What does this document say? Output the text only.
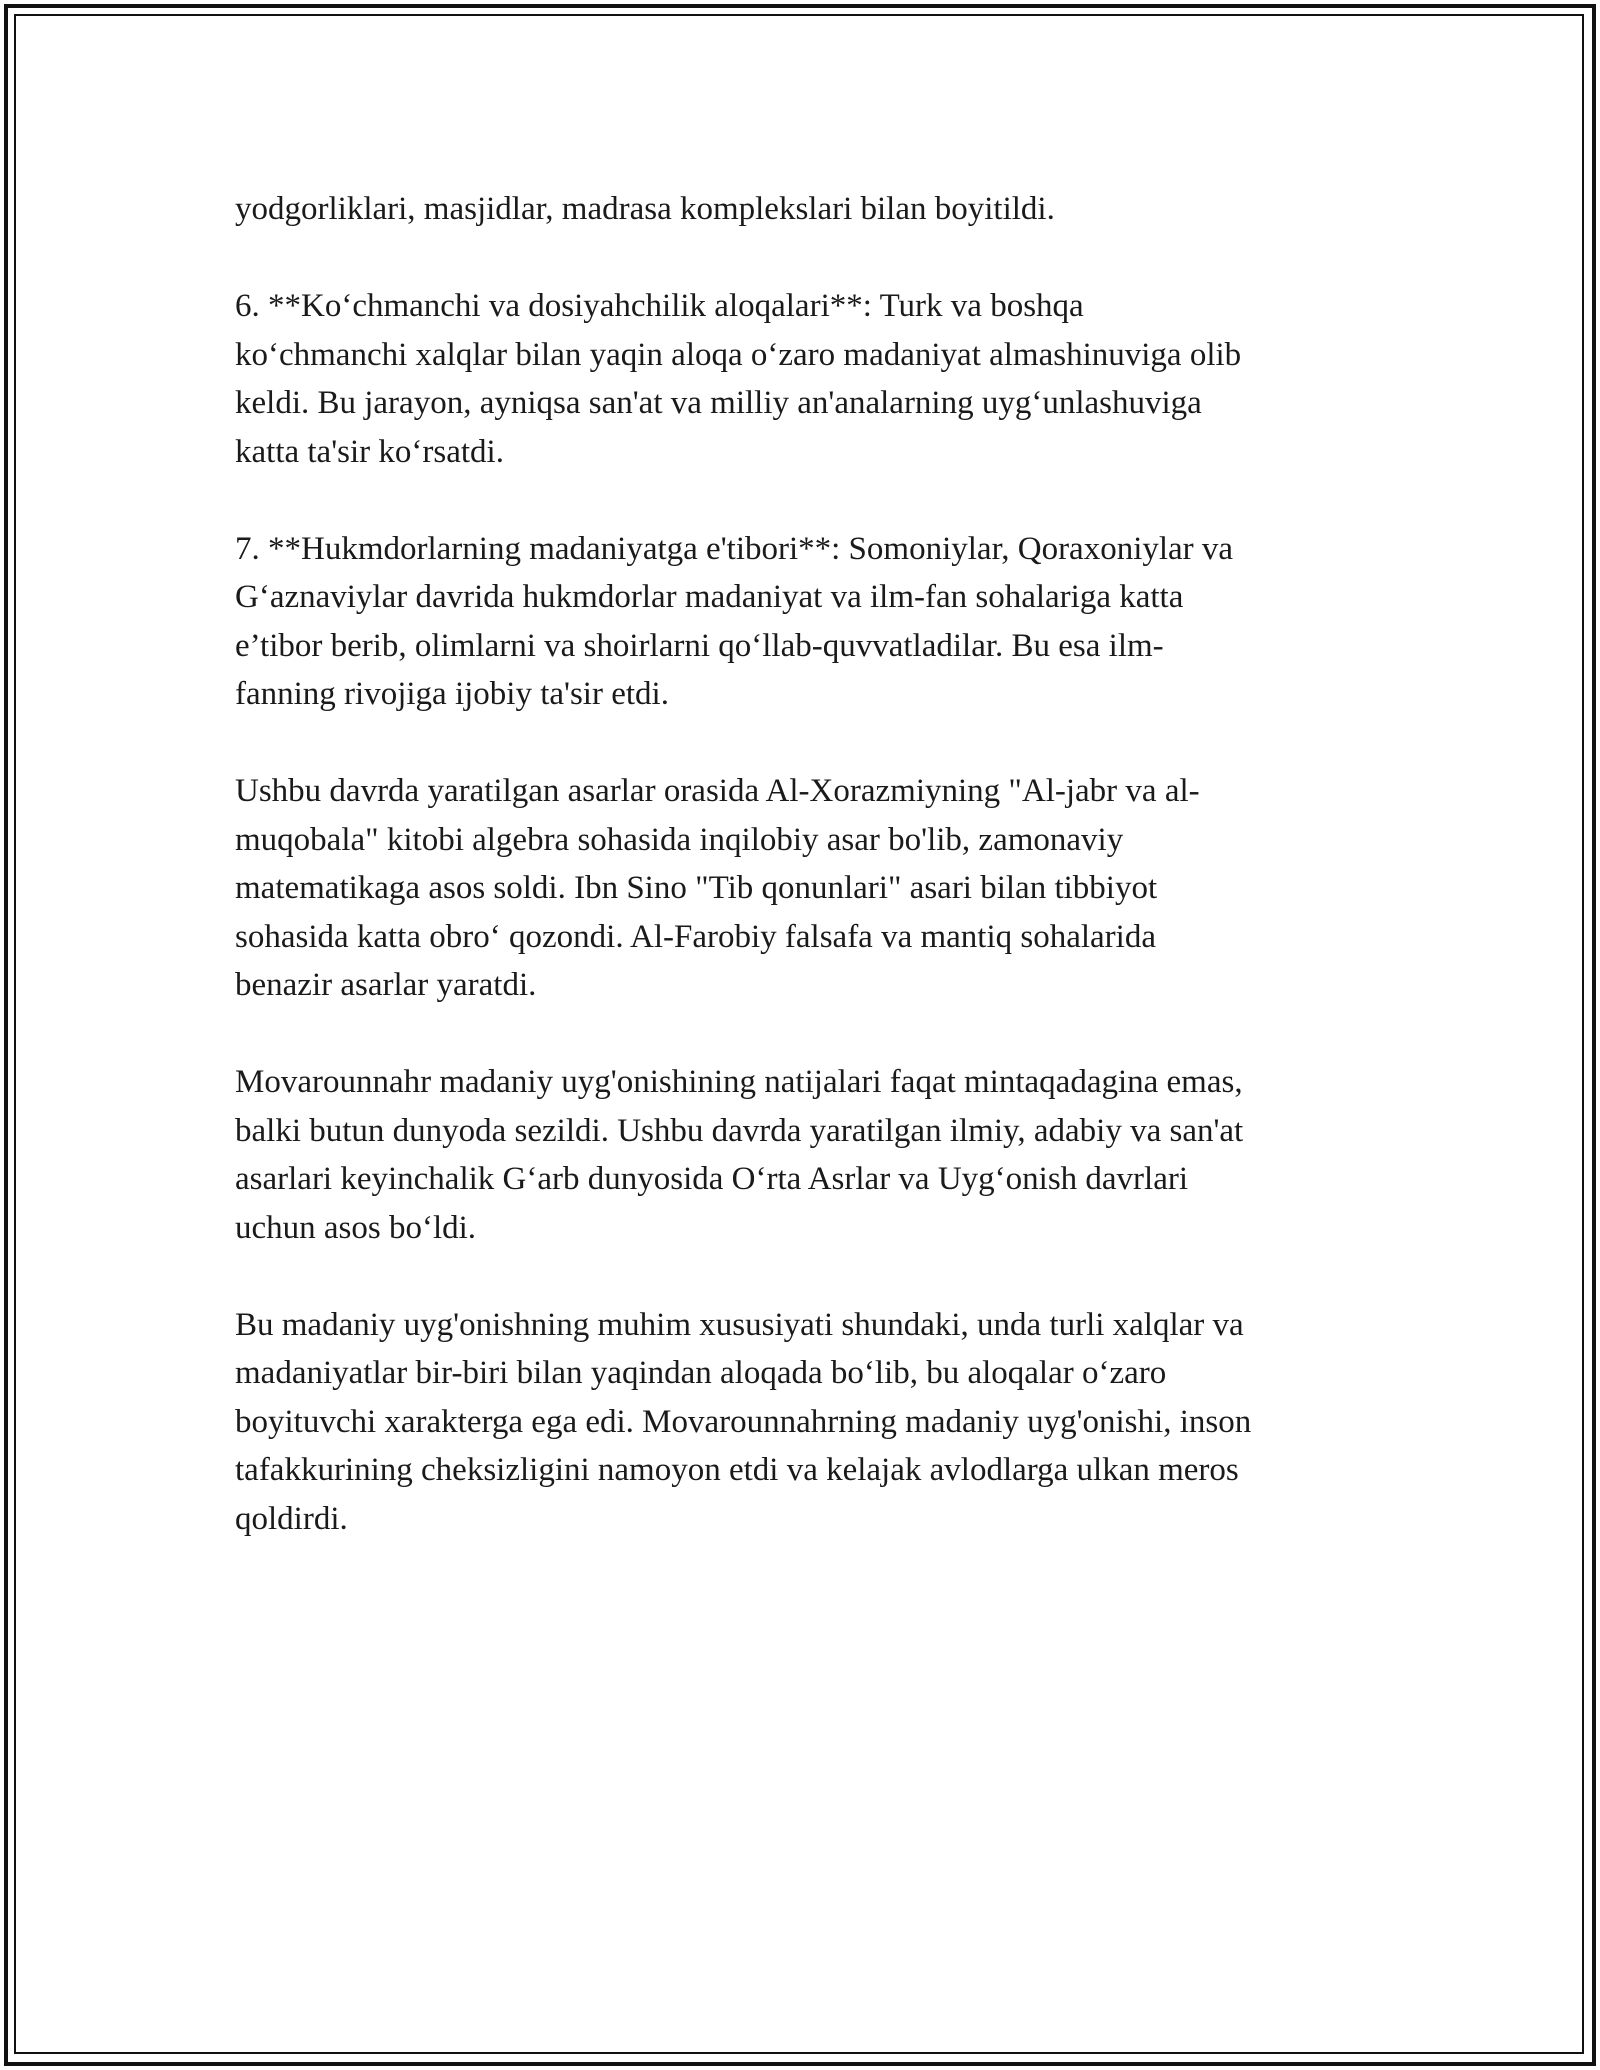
yodgorliklari, masjidlar, madrasa komplekslari bilan boyitildi.

6. **Ko‘chmanchi va dosiyahchilik aloqalari**: Turk va boshqa
ko‘chmanchi xalqlar bilan yaqin aloqa o‘zaro madaniyat almashinuviga olib
keldi. Bu jarayon, ayniqsa san'at va milliy an'analarning uyg‘unlashuviga
katta ta'sir ko‘rsatdi.

7. **Hukmdorlarning madaniyatga e'tibori**: Somoniylar, Qoraxoniylar va
G‘aznaviylar davrida hukmdorlar madaniyat va ilm-fan sohalariga katta
e’tibor berib, olimlarni va shoirlarni qo‘llab-quvvatladilar. Bu esa ilm-
fanning rivojiga ijobiy ta'sir etdi.

Ushbu davrda yaratilgan asarlar orasida Al-Xorazmiyning "Al-jabr va al-
muqobala" kitobi algebra sohasida inqilobiy asar bo'lib, zamonaviy
matematikaga asos soldi. Ibn Sino "Tib qonunlari" asari bilan tibbiyot
sohasida katta obro‘ qozondi. Al-Farobiy falsafa va mantiq sohalarida
benazir asarlar yaratdi.

Movarounnahr madaniy uyg'onishining natijalari faqat mintaqadagina emas,
balki butun dunyoda sezildi. Ushbu davrda yaratilgan ilmiy, adabiy va san'at
asarlari keyinchalik G‘arb dunyosida O‘rta Asrlar va Uyg‘onish davrlari
uchun asos bo‘ldi.

Bu madaniy uyg'onishning muhim xususiyati shundaki, unda turli xalqlar va
madaniyatlar bir-biri bilan yaqindan aloqada bo‘lib, bu aloqalar o‘zaro
boyituvchi xarakterga ega edi. Movarounnahrning madaniy uyg'onishi, inson
tafakkurining cheksizligini namoyon etdi va kelajak avlodlarga ulkan meros
qoldirdi.
